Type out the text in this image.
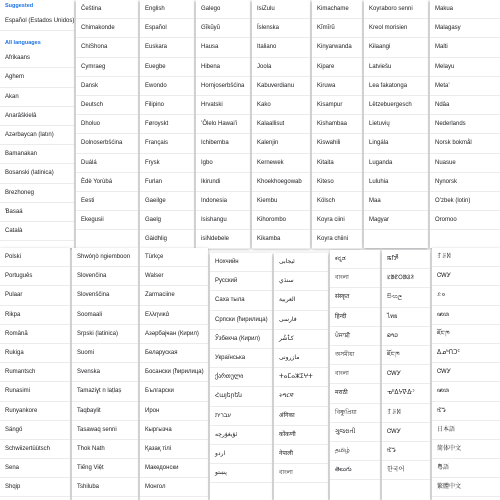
Suggested
Español (Estados Unidos)
All languages
Afrikaans
Aghem
Akan
Anarâškielâ
Azərbaycan (latın)
Bamanakan
Bosanski (latinica)
Brezhoneg
Ɓasaá
Català
Čeština
Chimakonde
ChiShona
Cymraeg
Dansk
Deutsch
Dholuo
Dolnoserbšćina
Duálá
Èdè Yorùbá
Eesti
Ekegusii
English
Español
Euskara
Eʋegbe
Ewondo
Filipino
Føroyskt
Français
Frysk
Furlan
Gaeilge
Gaelg
Gàidhlig
Galego
Gĩkũyũ
Hausa
Hibena
Hornjoserbšćina
Hrvatski
ʻŌlelo Hawaiʻi
Ichibemba
Igbo
Ikirundi
Indonesia
Isishangu
isiNdebele
IsiZulu
Íslenska
Italiano
Joola
Kabuverdianu
Kako
Kalaallisut
Kalenjin
Kernewek
Khoekhoegowab
Kiembu
Kihorombo
Kikamba
Kimachame
Kĩmĩrũ
Kinyarwanda
Kipare
Kiruwa
Kisampur
Kishambaa
Kiswahili
Kitaita
Kiteso
Kölsch
Koyra ciini
Koyra chiini
Koyraboro senni
Kreol morisien
Kɨlaangi
Latviešu
Lea fakatonga
Lëtzebuergesch
Lietuvių
Lingála
Luganda
Luluhia
Maa
Magyar
Makua
Malagasy
Malti
Melayu
Metaʼ
Ndâa
Nederlands
Norsk bokmål
Nuasue
Nynorsk
Oʻzbek (lotin)
Oromoo
Polski
Português
Pulaar
Rikpa
Română
Rukiga
Rumantsch
Runasimi
Runyankore
Sängö
Schwiizertüütsch
Sena
Shqip
Shwóŋò ngiemboon
Slovenčina
Slovenščina
Soomaali
Srpski (latinica)
Suomi
Svenska
Tamaziɣt n laṭlaṣ
Taqbaylit
Tasawaq senni
Thok Nath
Tiếng Việt
Tshiluba
Türkçe
Walser
Zarmaciine
Ελληνικά
Азәрбајҹан (Кирил)
Беларуская
Босански (ћирилица)
Български
Ирон
Кыргызча
Қазақ тілі
Македонски
Монгол
Нохчийн
Русский
Саха тыла
Српски (ћирилица)
Ўзбекча (Кирил)
Українська
ქართული
Հայերեն
עברית
ئۇيغۇرچە
اردو
پښتو
ئیجابی
سنڌي
العربية
فارسی
کٲشُر
مازرونی
ⵜⴰⵎⴰⵣⵉⵖⵜ
ትግርኛ
अंगिका
कोंकणी
नेपाली
বাংলা
ಕನ್ನಡ
বাংলা
संस्कृत
हिन्दी
ਪੰਜਾਬੀ
অসমীয়া
বাংলা
मराठी
বিষ্ণুপ্রিয়া
ગુજરાતી
தமிழ்
తెలుగు
ꯃꯤꯇꯩ
ᱥᱟᱱᱛᱟᱲᱤ
සිංහල
ไทย
ລາວ
ཇོང་ཁ
ᏣᎳᎩ
ᓀᐦᐃᔭᐍᐏᐣ
ꆈꌠꉙ
ᏣᎳᎩ
ꕙꔤ
한국어
ꆈꌠꉙ
ᏣᎳᎩ
ᨅᨔ
ꦗꦮ
ཇོང་ཁ
ᐃᓄᒃᑎᑐᑦ
ᏣᎳᎩ
ꦗꦮ
ꕙꔤ
日本語
简体中文
粵語
繁體中文
